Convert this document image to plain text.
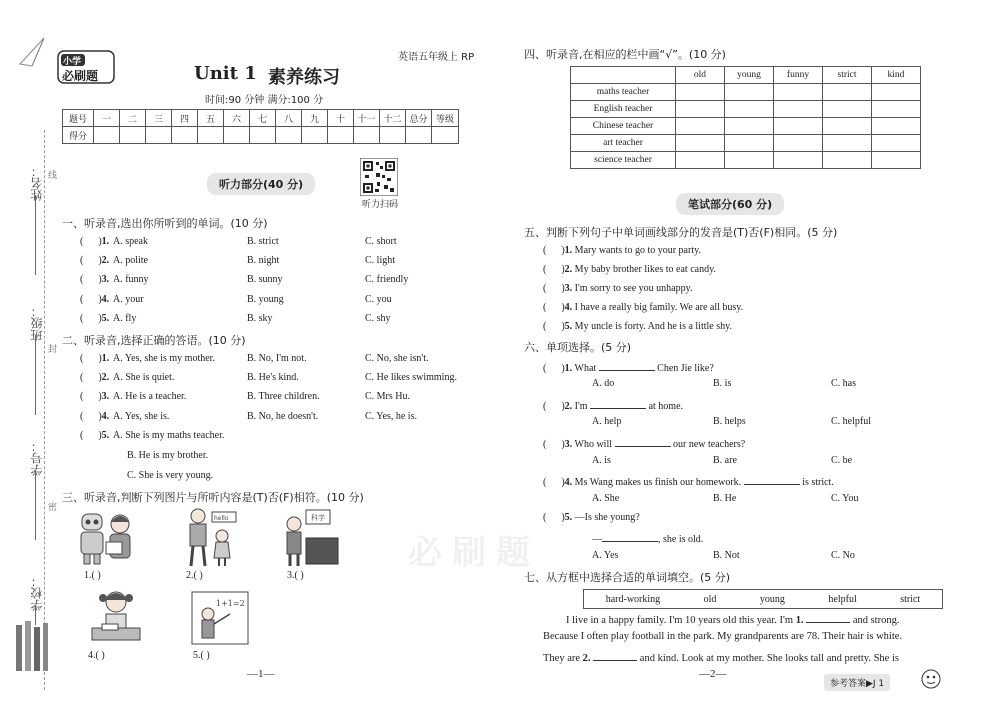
姓名： 线
班级：
封
学号：
密
学校：
小学
必刷题
英语五年级上 RP
Unit 1 素养练习
时间:90 分钟 满分:100 分
题号	一	二	三	四	五	六	七	八	九	十	十一	十二	总分	等级
得分														
听力部分(40 分)
听力扫码
一、听录音,选出你所听到的单词。(10 分)
(      )1. A. speak	B. strict	C. short
(      )2. A. polite	B. night	C. light
(      )3. A. funny	B. sunny	C. friendly
(      )4. A. your	B. young	C. you
(      )5. A. fly	B. sky	C. shy
二、听录音,选择正确的答语。(10 分)
(      )1. A. Yes, she is my mother.	B. No, I'm not.	C. No, she isn't.
(      )2. A. She is quiet.	B. He's kind.	C. He likes swimming.
(      )3. A. He is a teacher.	B. Three children.	C. Mrs Hu.
(      )4. A. Yes, she is.	B. No, he doesn't.	C. Yes, he is.
(      )5. A. She is my maths teacher.
B. He is my brother.
C. She is very young.
三、听录音,判断下列图片与所听内容是(T)否(F)相符。(10 分)
1.( )
hello
2.( )
科学
3.( )
4.( )
1+1=2
5.( )
—1—
必刷题
四、听录音,在相应的栏中画“√”。(10 分)
	old	young	funny	strict	kind
maths teacher					
English teacher					
Chinese teacher					
art teacher					
science teacher					
笔试部分(60 分)
五、判断下列句子中单词画线部分的发音是(T)否(F)相同。(5 分)
(      )1. Mary wants to go to your party.
(      )2. My baby brother likes to eat candy.
(      )3. I'm sorry to see you unhappy.
(      )4. I have a really big family. We are all busy.
(      )5. My uncle is forty. And he is a little shy.
六、单项选择。(5 分)
(      )1. What	Chen Jie like?
A. do	B. is	C. has
(      )2. I'm	at home.
A. help	B. helps	C. helpful
(      )3. Who will	our new teachers?
A. is	B. are	C. be
(      )4. Ms Wang makes us finish our homework.	is strict.
A. She	B. He	C. You
(      )5. —Is she young?
—	, she is old.
A. Yes	B. Not	C. No
七、从方框中选择合适的单词填空。(5 分)
hard-working	old	young	helpful	strict
I live in a happy family. I'm 10 years old this year. I'm 1.	and strong.
Because I often play football in the park. My grandparents are 78. Their hair is white.
They are 2.	and kind. Look at my mother. She looks tall and pretty. She is
—2—
参考答案▶J 1
